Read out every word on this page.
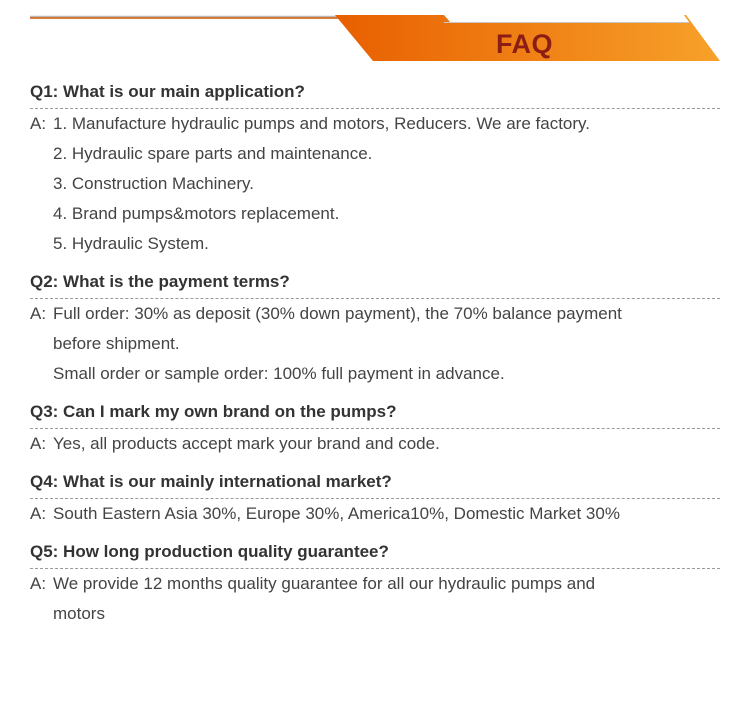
FAQ
Q1: What is our main application?
A: 1. Manufacture hydraulic pumps and motors, Reducers. We are factory.
2. Hydraulic spare parts and maintenance.
3. Construction Machinery.
4. Brand pumps&motors replacement.
5. Hydraulic System.
Q2: What is the payment terms?
A: Full order: 30% as deposit (30% down payment), the 70% balance payment
before shipment.
Small order or sample order: 100% full payment in advance.
Q3: Can I mark my own brand on the pumps?
A: Yes, all products accept mark your brand and code.
Q4: What is our mainly international market?
A: South Eastern Asia 30%, Europe 30%, America10%, Domestic Market 30%
Q5: How long production quality guarantee?
A: We provide 12 months quality guarantee for all our hydraulic pumps and
motors
